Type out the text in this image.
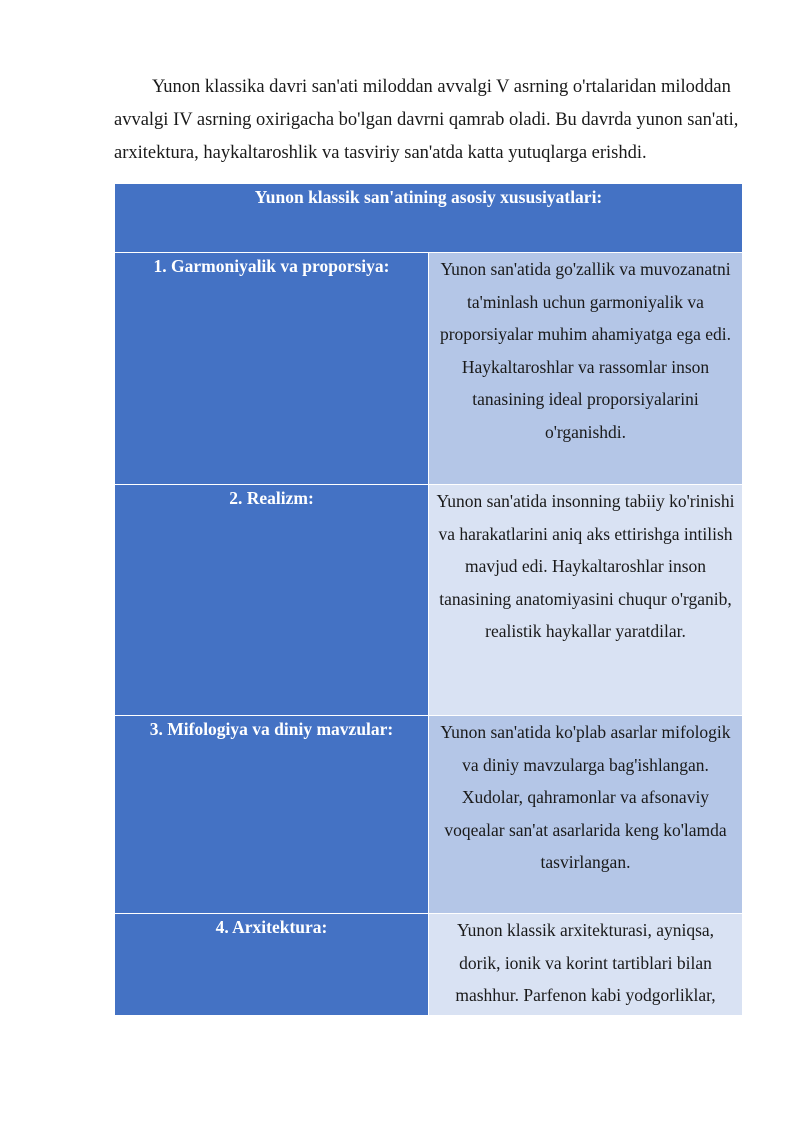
Yunon klassika davri san'ati miloddan avvalgi V asrning o'rtalaridan miloddan avvalgi IV asrning oxirigacha bo'lgan davrni qamrab oladi. Bu davrda yunon san'ati, arxitektura, haykaltaroshlik va tasviriy san'atda katta yutuqlarga erishdi.

Yunon klassik san'atining asosiy xususiyatlari:	
1. Garmoniyalik va proporsiya:	Yunon san'atida go'zallik va muvozanatni ta'minlash uchun garmoniyalik va proporsiyalar muhim ahamiyatga ega edi. Haykaltaroshlar va rassomlar inson tanasining ideal proporsiyalarini o'rganishdi.
2. Realizm:	Yunon san'atida insonning tabiiy ko'rinishi va harakatlarini aniq aks ettirishga intilish mavjud edi. Haykaltaroshlar inson tanasining anatomiyasini chuqur o'rganib, realistik haykallar yaratdilar.
3. Mifologiya va diniy mavzular:	Yunon san'atida ko'plab asarlar mifologik va diniy mavzularga bag'ishlangan. Xudolar, qahramonlar va afsonaviy voqealar san'at asarlarida keng ko'lamda tasvirlangan.

4. Arxitektura:	Yunon klassik arxitekturasi, ayniqsa, dorik, ionik va korint tartiblari bilan mashhur. Parfenon kabi yodgorliklar,
